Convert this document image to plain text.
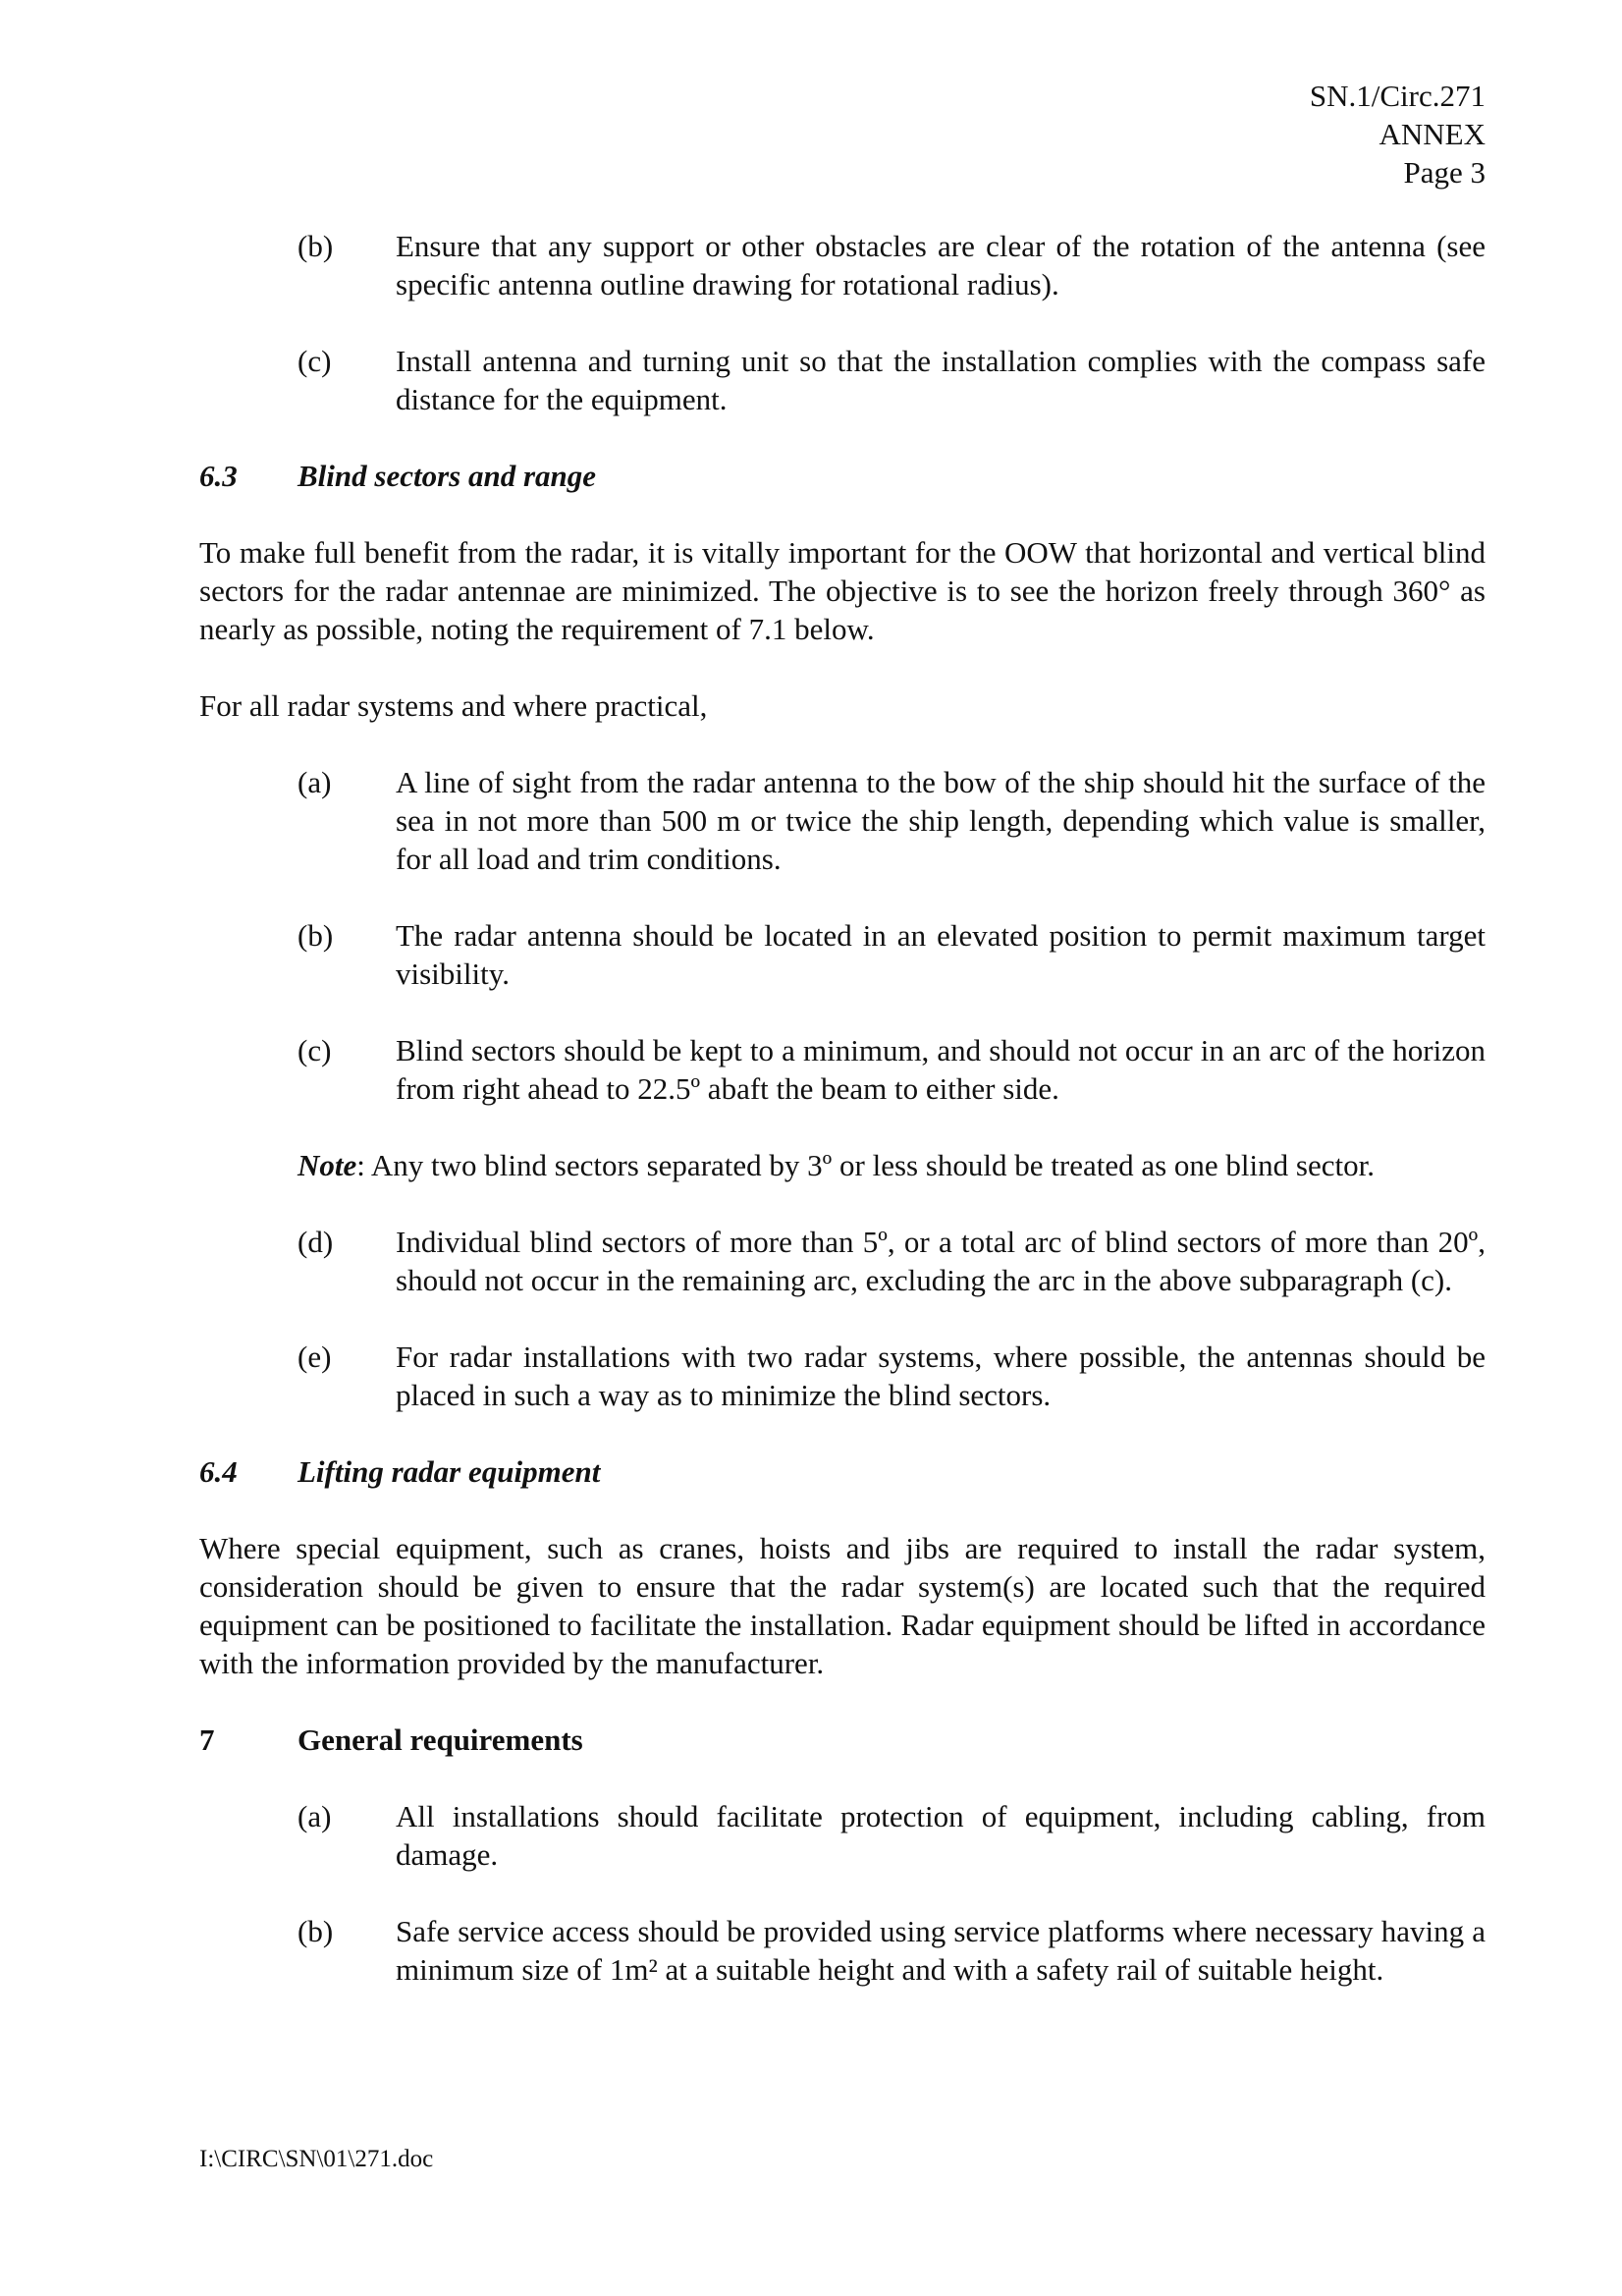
SN.1/Circ.271
ANNEX
Page 3
(b)	Ensure that any support or other obstacles are clear of the rotation of the antenna (see specific antenna outline drawing for rotational radius).
(c)	Install antenna and turning unit so that the installation complies with the compass safe distance for the equipment.
6.3	Blind sectors and range

To make full benefit from the radar, it is vitally important for the OOW that horizontal and vertical blind sectors for the radar antennae are minimized. The objective is to see the horizon freely through 360° as nearly as possible, noting the requirement of 7.1 below.

For all radar systems and where practical,

(a)	A line of sight from the radar antenna to the bow of the ship should hit the surface of the sea in not more than 500 m or twice the ship length, depending which value is smaller, for all load and trim conditions.
(b)	The radar antenna should be located in an elevated position to permit maximum target visibility.
(c)	Blind sectors should be kept to a minimum, and should not occur in an arc of the horizon from right ahead to 22.5º abaft the beam to either side.
Note: Any two blind sectors separated by 3º or less should be treated as one blind sector.
(d)	Individual blind sectors of more than 5º, or a total arc of blind sectors of more than 20º, should not occur in the remaining arc, excluding the arc in the above subparagraph (c).
(e)	For radar installations with two radar systems, where possible, the antennas should be placed in such a way as to minimize the blind sectors.
6.4	Lifting radar equipment

Where special equipment, such as cranes, hoists and jibs are required to install the radar system, consideration should be given to ensure that the radar system(s) are located such that the required equipment can be positioned to facilitate the installation. Radar equipment should be lifted in accordance with the information provided by the manufacturer.

7	General requirements
(a)	All installations should facilitate protection of equipment, including cabling, from damage.
(b)	Safe service access should be provided using service platforms where necessary having a minimum size of 1m² at a suitable height and with a safety rail of suitable height.
I:\CIRC\SN\01\271.doc
